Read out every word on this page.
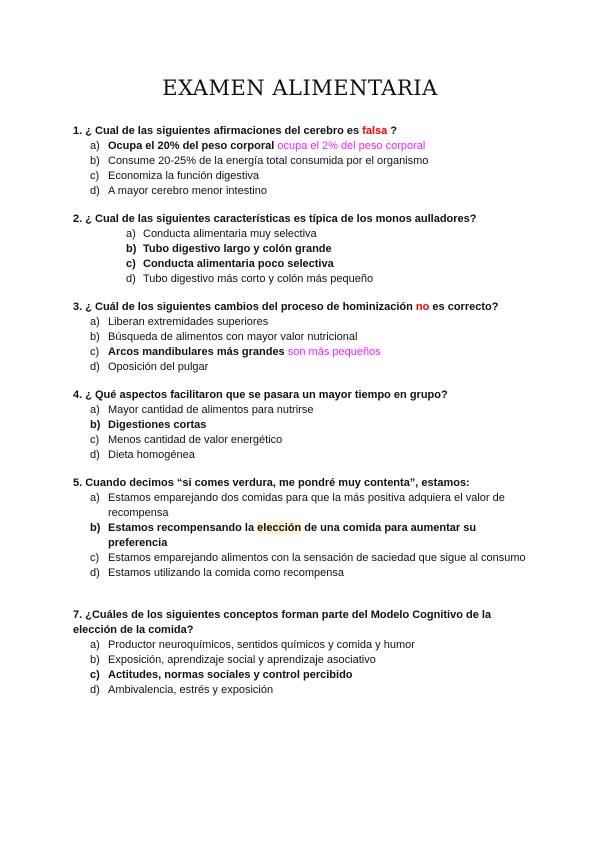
EXAMEN ALIMENTARIA
1. ¿ Cual de las siguientes afirmaciones del cerebro es falsa ?
a) Ocupa el 20% del peso corporal ocupa el 2% del peso corporal
b) Consume 20-25% de la energía total consumida por el organismo
c) Economiza la función digestiva
d) A mayor cerebro menor intestino
2. ¿ Cual de las siguientes características es típica de los monos aulladores?
a) Conducta alimentaria muy selectiva
b) Tubo digestivo largo y colón grande
c) Conducta alimentaria poco selectiva
d) Tubo digestivo más corto y colón más pequeño
3. ¿ Cuál de los siguientes cambios del proceso de hominización no es correcto?
a) Liberan extremidades superiores
b) Búsqueda de alimentos con mayor valor nutricional
c) Arcos mandibulares más grandes son más pequeños
d) Oposición del pulgar
4. ¿ Qué aspectos facilitaron que se pasara un mayor tiempo en grupo?
a) Mayor cantidad de alimentos para nutrirse
b) Digestiones cortas
c) Menos cantidad de valor energético
d) Dieta homogénea
5. Cuando decimos “si comes verdura, me pondré muy contenta”, estamos:
a) Estamos emparejando dos comidas para que la más positiva adquiera el valor de recompensa
b) Estamos recompensando la elección de una comida para aumentar su preferencia
c) Estamos emparejando alimentos con la sensación de saciedad que sigue al consumo
d) Estamos utilizando la comida como recompensa
7. ¿Cuáles de los siguientes conceptos forman parte del Modelo Cognitivo de la elección de la comida?
a) Productor neuroquímicos, sentidos químicos y comida y humor
b) Exposición, aprendizaje social y aprendizaje asociativo
c) Actitudes, normas sociales y control percibido
d) Ambivalencia, estrés y exposición
